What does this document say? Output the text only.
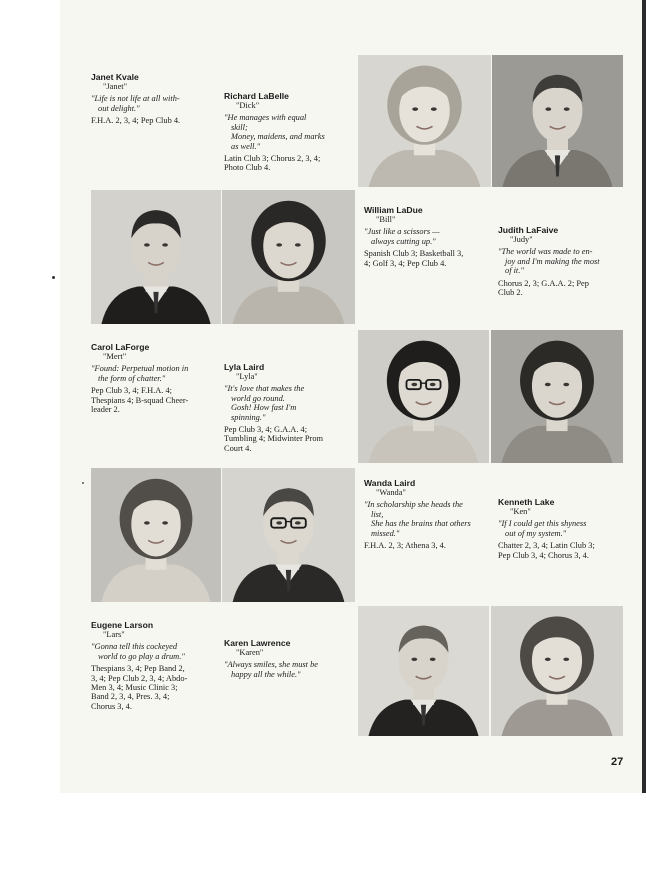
Janet Kvale
"Janet"
"Life is not life at all with-
out delight."
F.H.A. 2, 3, 4; Pep Club 4.
Richard LaBelle
"Dick"
"He manages with equal
skill;
Money, maidens, and marks
as well."
Latin Club 3; Chorus 2, 3, 4;
Photo Club 4.
William LaDue
"Bill"
"Just like a scissors —
always cutting up."
Spanish Club 3; Basketball 3,
4; Golf 3, 4; Pep Club 4.
Judith LaFaive
"Judy"
"The world was made to en-
joy and I'm making the most
of it."
Chorus 2, 3; G.A.A. 2; Pep
Club 2.
Carol LaForge
"Mert"
"Found: Perpetual motion in
the form of chatter."
Pep Club 3, 4; F.H.A. 4;
Thespians 4; B-squad Cheer-
leader 2.
Lyla Laird
"Lyla"
"It's love that makes the
world go round.
Gosh! How fast I'm
spinning."
Pep Club 3, 4; G.A.A. 4;
Tumbling 4; Midwinter Prom
Court 4.
Wanda Laird
"Wanda"
"In scholarship she heads the
list,
She has the brains that others
missed."
F.H.A. 2, 3; Athena 3, 4.
Kenneth Lake
"Ken"
"If I could get this shyness
out of my system."
Chatter 2, 3, 4; Latin Club 3;
Pep Club 3, 4; Chorus 3, 4.
Eugene Larson
"Lars"
"Gonna tell this cockeyed
world to go play a drum."
Thespians 3, 4; Pep Band 2,
3, 4; Pep Club 2, 3, 4; Abdo-
Men 3, 4; Music Clinic 3;
Band 2, 3, 4, Pres. 3, 4;
Chorus 3, 4.
Karen Lawrence
"Karen"
"Always smiles, she must be
happy all the while."
27
